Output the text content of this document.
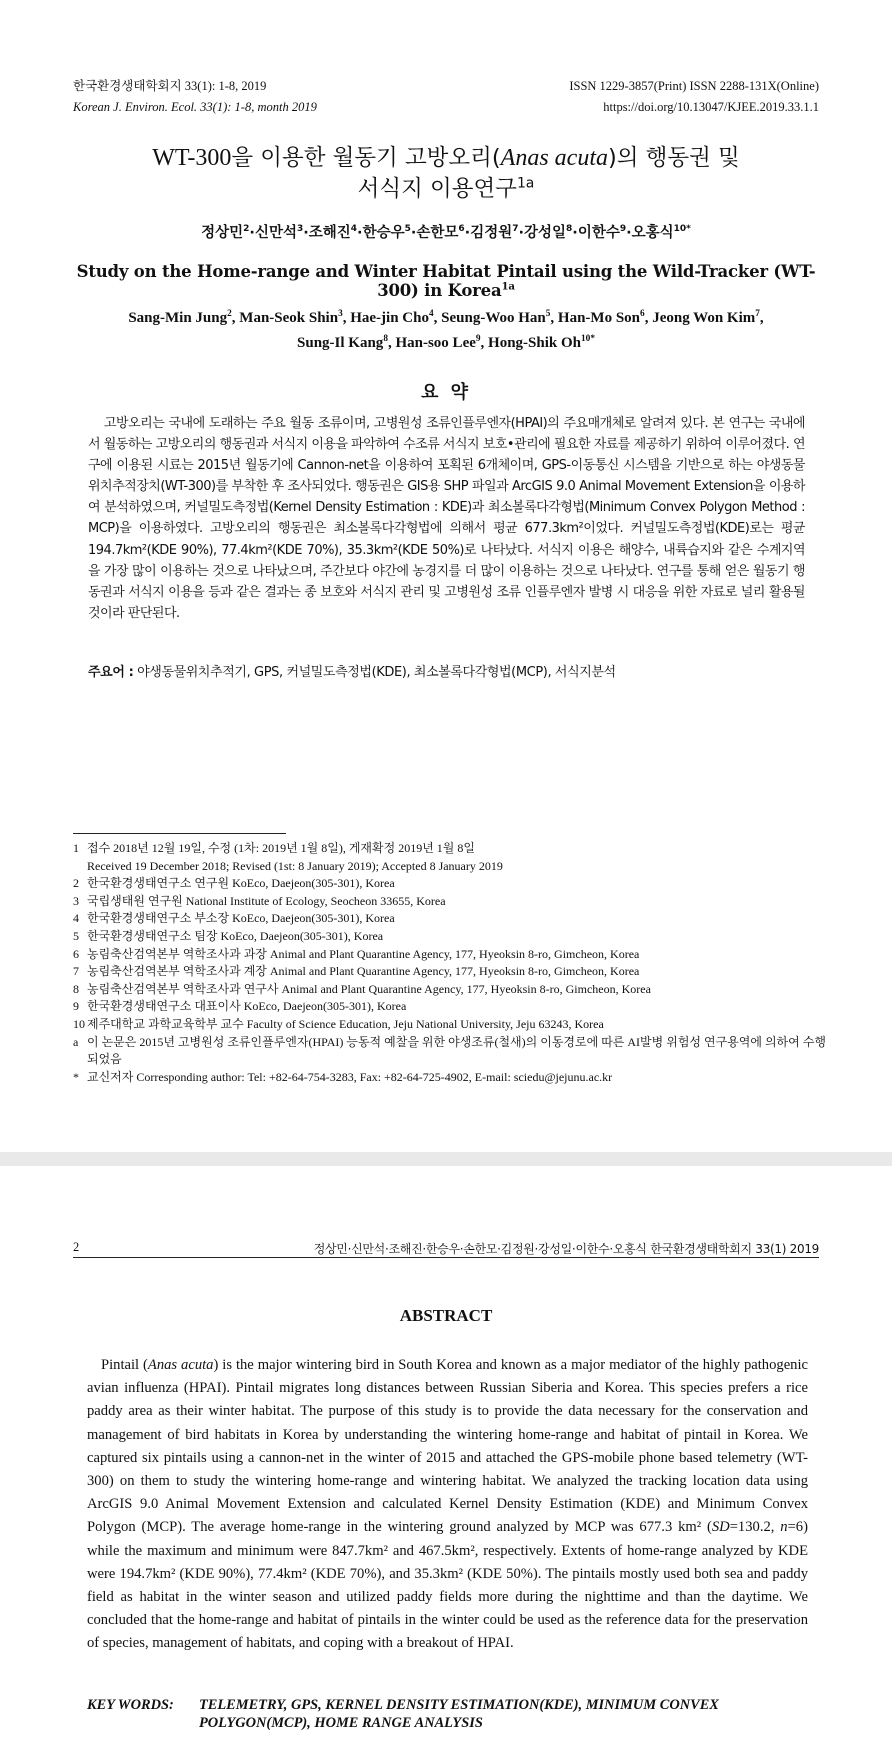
한국환경생태학회지 33(1): 1-8, 2019
Korean J. Environ. Ecol. 33(1): 1-8, month 2019
ISSN 1229-3857(Print) ISSN 2288-131X(Online)
https://doi.org/10.13047/KJEE.2019.33.1.1
WT-300을 이용한 월동기 고방오리(Anas acuta)의 행동권 및
서식지 이용연구$^{1a}$
정상민$^2$·신만석$^3$·조해진$^4$·한승우$^5$·손한모$^6$·김정원$^7$·강성일$^8$·이한수$^9$·오홍식$^{10*}$
Study on the Home-range and Winter Habitat Pintail using the Wild-Tracker (WT-300) in Korea$^{1a}$
Sang-Min Jung$^2$, Man-Seok Shin$^3$, Hae-jin Cho$^4$, Seung-Woo Han$^5$, Han-Mo Son$^6$, Jeong Won Kim$^7$,
Sung-Il Kang$^8$, Han-soo Lee$^9$, Hong-Shik $Oh^{10*}$
요 약
고방오리는 국내에 도래하는 주요 월동 조류이며, 고병원성 조류인플루엔자(HPAI)의 주요매개체로 알려져 있다. 본 연구는 국내에서 월동하는 고방오리의 행동권과 서식지 이용을 파악하여 수조류 서식지 보호•관리에 필요한 자료를 제공하기 위하여 이루어졌다. 연구에 이용된 시료는 2015년 월동기에 Cannon-net을 이용하여 포획된 6개체이며, GPS-이동통신 시스템을 기반으로 하는 야생동물위치추적장치(WT-300)를 부착한 후 조사되었다. 행동권은 GIS용 SHP 파일과 ArcGIS 9.0 Animal Movement Extension을 이용하여 분석하였으며, 커널밀도측정법(Kernel Density Estimation : KDE)과 최소볼록다각형법(Minimum Convex Polygon Method : MCP)을 이용하였다. 고방오리의 행동권은 최소볼록다각형법에 의해서 평균 677.3km²이었다. 커널밀도측정법(KDE)로는 평균 194.7km²(KDE 90%), 77.4km²(KDE 70%), 35.3km²(KDE 50%)로 나타났다. 서식지 이용은 해양수, 내륙습지와 같은 수계지역을 가장 많이 이용하는 것으로 나타났으며, 주간보다 야간에 농경지를 더 많이 이용하는 것으로 나타났다. 연구를 통해 얻은 월동기 행동권과 서식지 이용을 등과 같은 결과는 종 보호와 서식지 관리 및 고병원성 조류 인플루엔자 발병 시 대응을 위한 자료로 널리 활용될 것이라 판단된다.
주요어 : 야생동물위치추적기, GPS, 커널밀도측정법(KDE), 최소볼록다각형법(MCP), 서식지분석
1 접수 2018년 12월 19일, 수정 (1차: 2019년 1월 8일), 게재확정 2019년 1월 8일
Received 19 December 2018; Revised (1st: 8 January 2019); Accepted 8 January 2019
2 한국환경생태연구소 연구원 KoEco, Daejeon(305-301), Korea
3 국립생태원 연구원 National Institute of Ecology, Seocheon 33655, Korea
4 한국환경생태연구소 부소장 KoEco, Daejeon(305-301), Korea
5 한국환경생태연구소 팀장 KoEco, Daejeon(305-301), Korea
6 농림축산검역본부 역학조사과 과장 Animal and Plant Quarantine Agency, 177, Hyeoksin 8-ro, Gimcheon, Korea
7 농림축산검역본부 역학조사과 계장 Animal and Plant Quarantine Agency, 177, Hyeoksin 8-ro, Gimcheon, Korea
8 농림축산검역본부 역학조사과 연구사 Animal and Plant Quarantine Agency, 177, Hyeoksin 8-ro, Gimcheon, Korea
9 한국환경생태연구소 대표이사 KoEco, Daejeon(305-301), Korea
10 제주대학교 과학교육학부 교수 Faculty of Science Education, Jeju National University, Jeju 63243, Korea
a 이 논문은 2015년 고병원성 조류인플루엔자(HPAI) 능동적 예찰을 위한 야생조류(철새)의 이동경로에 따른 AI발병 위험성 연구용역에 의하여 수행되었음
* 교신저자 Corresponding author: Tel: +82-64-754-3283, Fax: +82-64-725-4902, E-mail: sciedu@jejunu.ac.kr
2	정상민·신만석·조해진·한승우·손한모·김정원·강성일·이한수·오홍식 한국환경생태학회지 33(1) 2019
ABSTRACT
Pintail (Anas acuta) is the major wintering bird in South Korea and known as a major mediator of the highly pathogenic avian influenza (HPAI). Pintail migrates long distances between Russian Siberia and Korea. This species prefers a rice paddy area as their winter habitat. The purpose of this study is to provide the data necessary for the conservation and management of bird habitats in Korea by understanding the wintering home-range and habitat of pintail in Korea. We captured six pintails using a cannon-net in the winter of 2015 and attached the GPS-mobile phone based telemetry (WT-300) on them to study the wintering home-range and wintering habitat. We analyzed the tracking location data using ArcGIS 9.0 Animal Movement Extension and calculated Kernel Density Estimation (KDE) and Minimum Convex Polygon (MCP). The average home-range in the wintering ground analyzed by MCP was 677.3 km² (SD=130.2, n=6) while the maximum and minimum were 847.7km² and 467.5km², respectively. Extents of home-range analyzed by KDE were 194.7km² (KDE 90%), 77.4km² (KDE 70%), and 35.3km² (KDE 50%). The pintails mostly used both sea and paddy field as habitat in the winter season and utilized paddy fields more during the nighttime and than the daytime. We concluded that the home-range and habitat of pintails in the winter could be used as the reference data for the preservation of species, management of habitats, and coping with a breakout of HPAI.
KEY WORDS: TELEMETRY, GPS, KERNEL DENSITY ESTIMATION(KDE), MINIMUM CONVEX
POLYGON(MCP), HOME RANGE ANALYSIS
